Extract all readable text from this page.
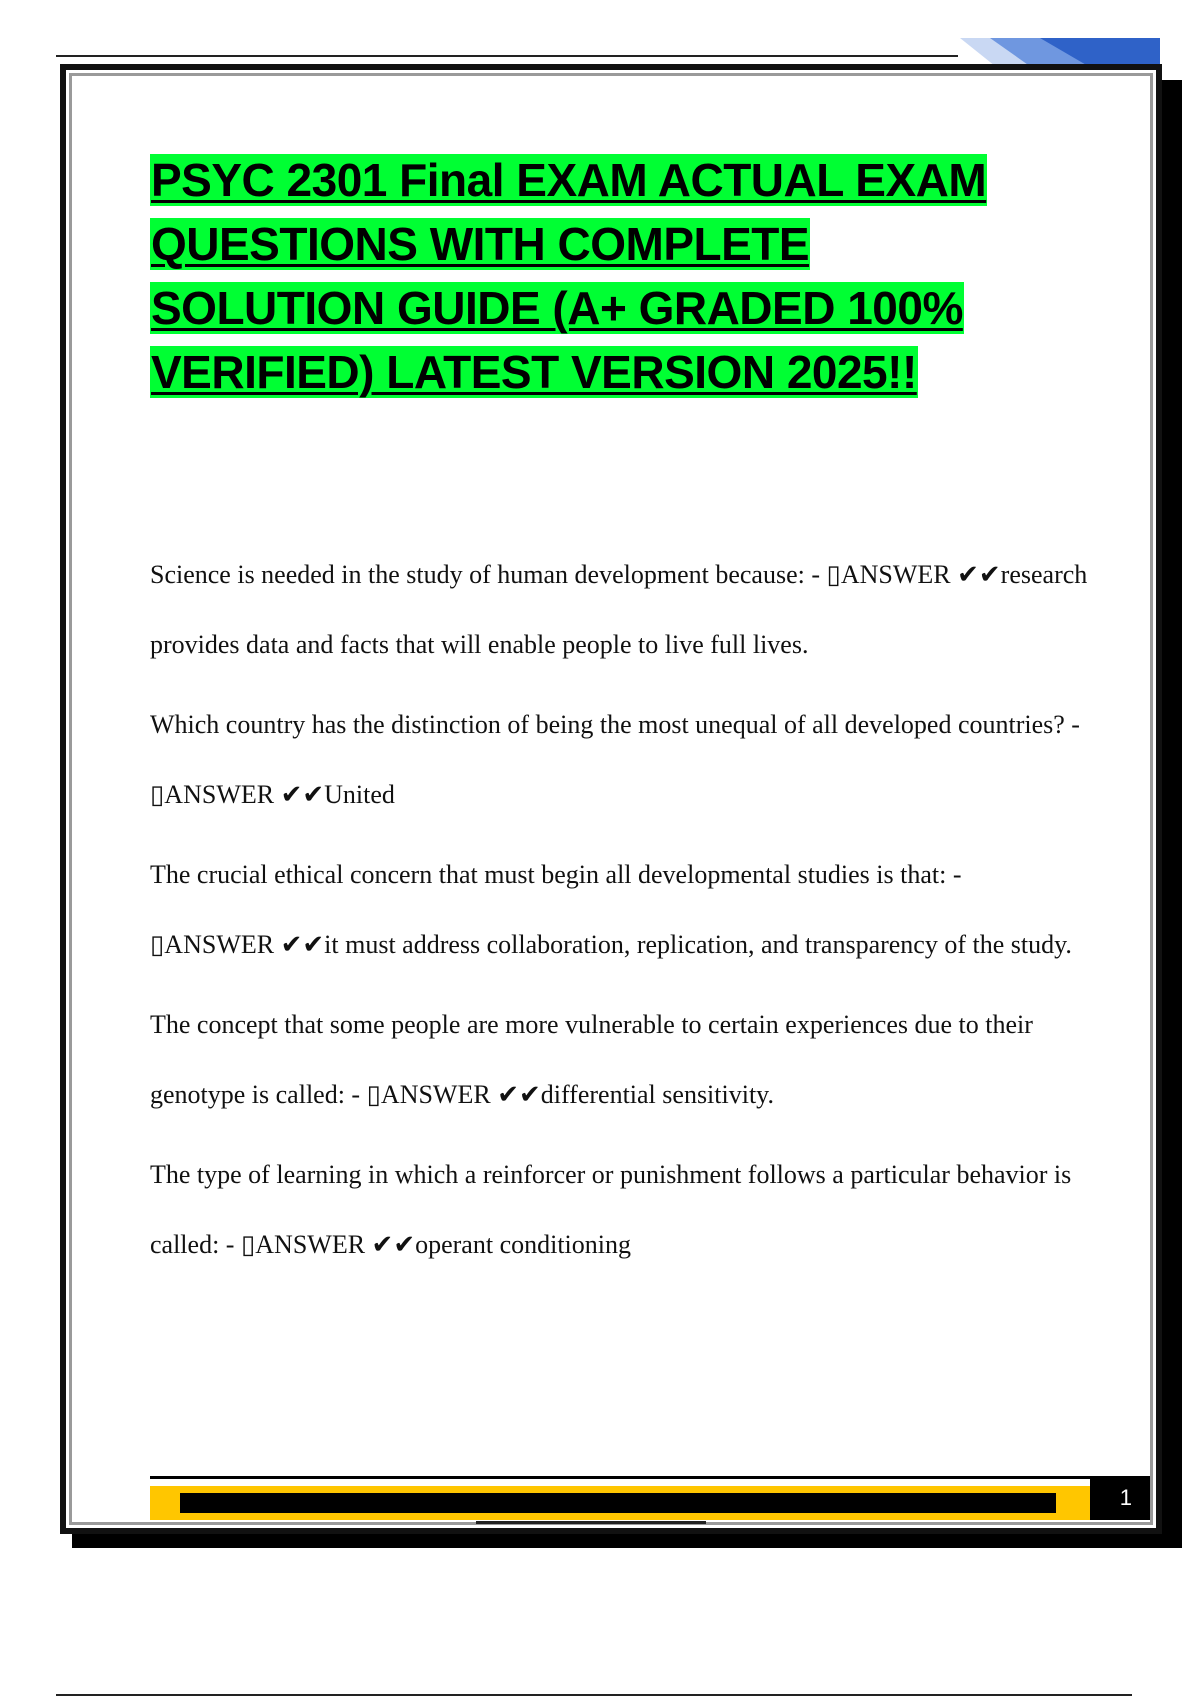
PSYC 2301 Final EXAM ACTUAL EXAM
QUESTIONS WITH COMPLETE
SOLUTION GUIDE (A+ GRADED 100%
VERIFIED) LATEST VERSION 2025!!

Science is needed in the study of human development because: - ▯ANSWER ✔✔research provides data and facts that will enable people to live full lives.

Which country has the distinction of being the most unequal of all developed countries? - ▯ANSWER ✔✔United

The crucial ethical concern that must begin all developmental studies is that: - ▯ANSWER ✔✔it must address collaboration, replication, and transparency of the study.

The concept that some people are more vulnerable to certain experiences due to their genotype is called: - ▯ANSWER ✔✔differential sensitivity.

The type of learning in which a reinforcer or punishment follows a particular behavior is called: - ▯ANSWER ✔✔operant conditioning

1
